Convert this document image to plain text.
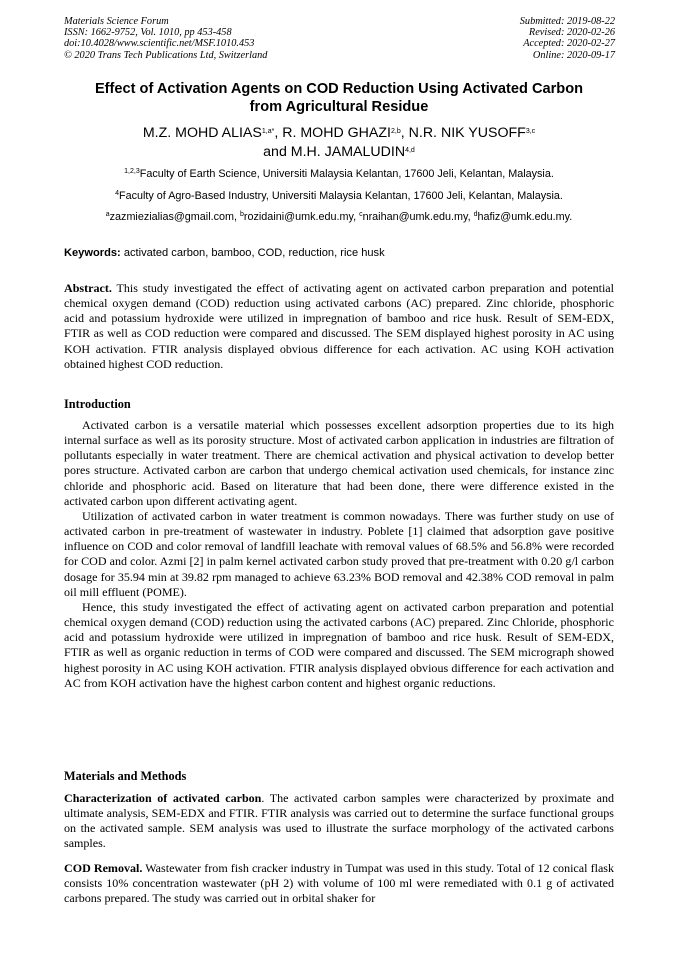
Materials Science Forum
ISSN: 1662-9752, Vol. 1010, pp 453-458
doi:10.4028/www.scientific.net/MSF.1010.453
© 2020 Trans Tech Publications Ltd, Switzerland
Submitted: 2019-08-22
Revised: 2020-02-26
Accepted: 2020-02-27
Online: 2020-09-17
Effect of Activation Agents on COD Reduction Using Activated Carbon
from Agricultural Residue
M.Z. MOHD $ALIAS^{1,a*}$, R. MOHD GHAZI$^{2,b}$, N.R. NIK YUSOFF$^{3,c}$
and M.H. JAMALUDIN$^{4,d}$
$^{1,2,3}$Faculty of Earth Science, Universiti Malaysia Kelantan, 17600 Jeli, Kelantan, Malaysia.
$^4$Faculty of Agro-Based Industry, Universiti Malaysia Kelantan, 17600 Jeli, Kelantan, Malaysia.
$^a$zazmiezialias@gmail.com, $^b$rozidaini@umk.edu.my, $^c$nraihan@umk.edu.my, $^d$hafiz@umk.edu.my.
Keywords: activated carbon, bamboo, COD, reduction, rice husk
Abstract. This study investigated the effect of activating agent on activated carbon preparation and potential chemical oxygen demand (COD) reduction using activated carbons (AC) prepared. Zinc chloride, phosphoric acid and potassium hydroxide were utilized in impregnation of bamboo and rice husk. Result of SEM-EDX, FTIR as well as COD reduction were compared and discussed. The SEM displayed highest porosity in AC using KOH activation. FTIR analysis displayed obvious difference for each activation. AC using KOH activation obtained highest COD reduction.
Introduction
Activated carbon is a versatile material which possesses excellent adsorption properties due to its high internal surface as well as its porosity structure. Most of activated carbon application in industries are filtration of pollutants especially in water treatment. There are chemical activation and physical activation to develop better pores structure. Activated carbon are carbon that undergo chemical activation used chemicals, for instance zinc chloride and phosphoric acid. Based on literature that had been done, there were difference existed in the activated carbon upon different activating agent.
Utilization of activated carbon in water treatment is common nowadays. There was further study on use of activated carbon in pre-treatment of wastewater in industry. Poblete [1] claimed that adsorption gave positive influence on COD and color removal of landfill leachate with removal values of 68.5% and 56.8% were recorded for COD and color. Azmi [2] in palm kernel activated carbon study proved that pre-treatment with 0.20 g/l carbon dosage for 35.94 min at 39.82 rpm managed to achieve 63.23% BOD removal and 42.38% COD removal in palm oil mill effluent (POME).
Hence, this study investigated the effect of activating agent on activated carbon preparation and potential chemical oxygen demand (COD) reduction using the activated carbons (AC) prepared. Zinc Chloride, phosphoric acid and potassium hydroxide were utilized in impregnation of bamboo and rice husk. Result of SEM-EDX, FTIR as well as organic reduction in terms of COD were compared and discussed. The SEM micrograph showed highest porosity in AC using KOH activation. FTIR analysis displayed obvious difference for each activation and AC from KOH activation have the highest carbon content and highest organic reductions.
Materials and Methods
Characterization of activated carbon. The activated carbon samples were characterized by proximate and ultimate analysis, SEM-EDX and FTIR. FTIR analysis was carried out to determine the surface functional groups on the activated sample. SEM analysis was used to illustrate the surface morphology of the activated carbons samples.
COD Removal. Wastewater from fish cracker industry in Tumpat was used in this study. Total of 12 conical flask consists 10% concentration wastewater (pH 2) with volume of 100 ml were remediated with 0.1 g of activated carbons prepared. The study was carried out in orbital shaker for
